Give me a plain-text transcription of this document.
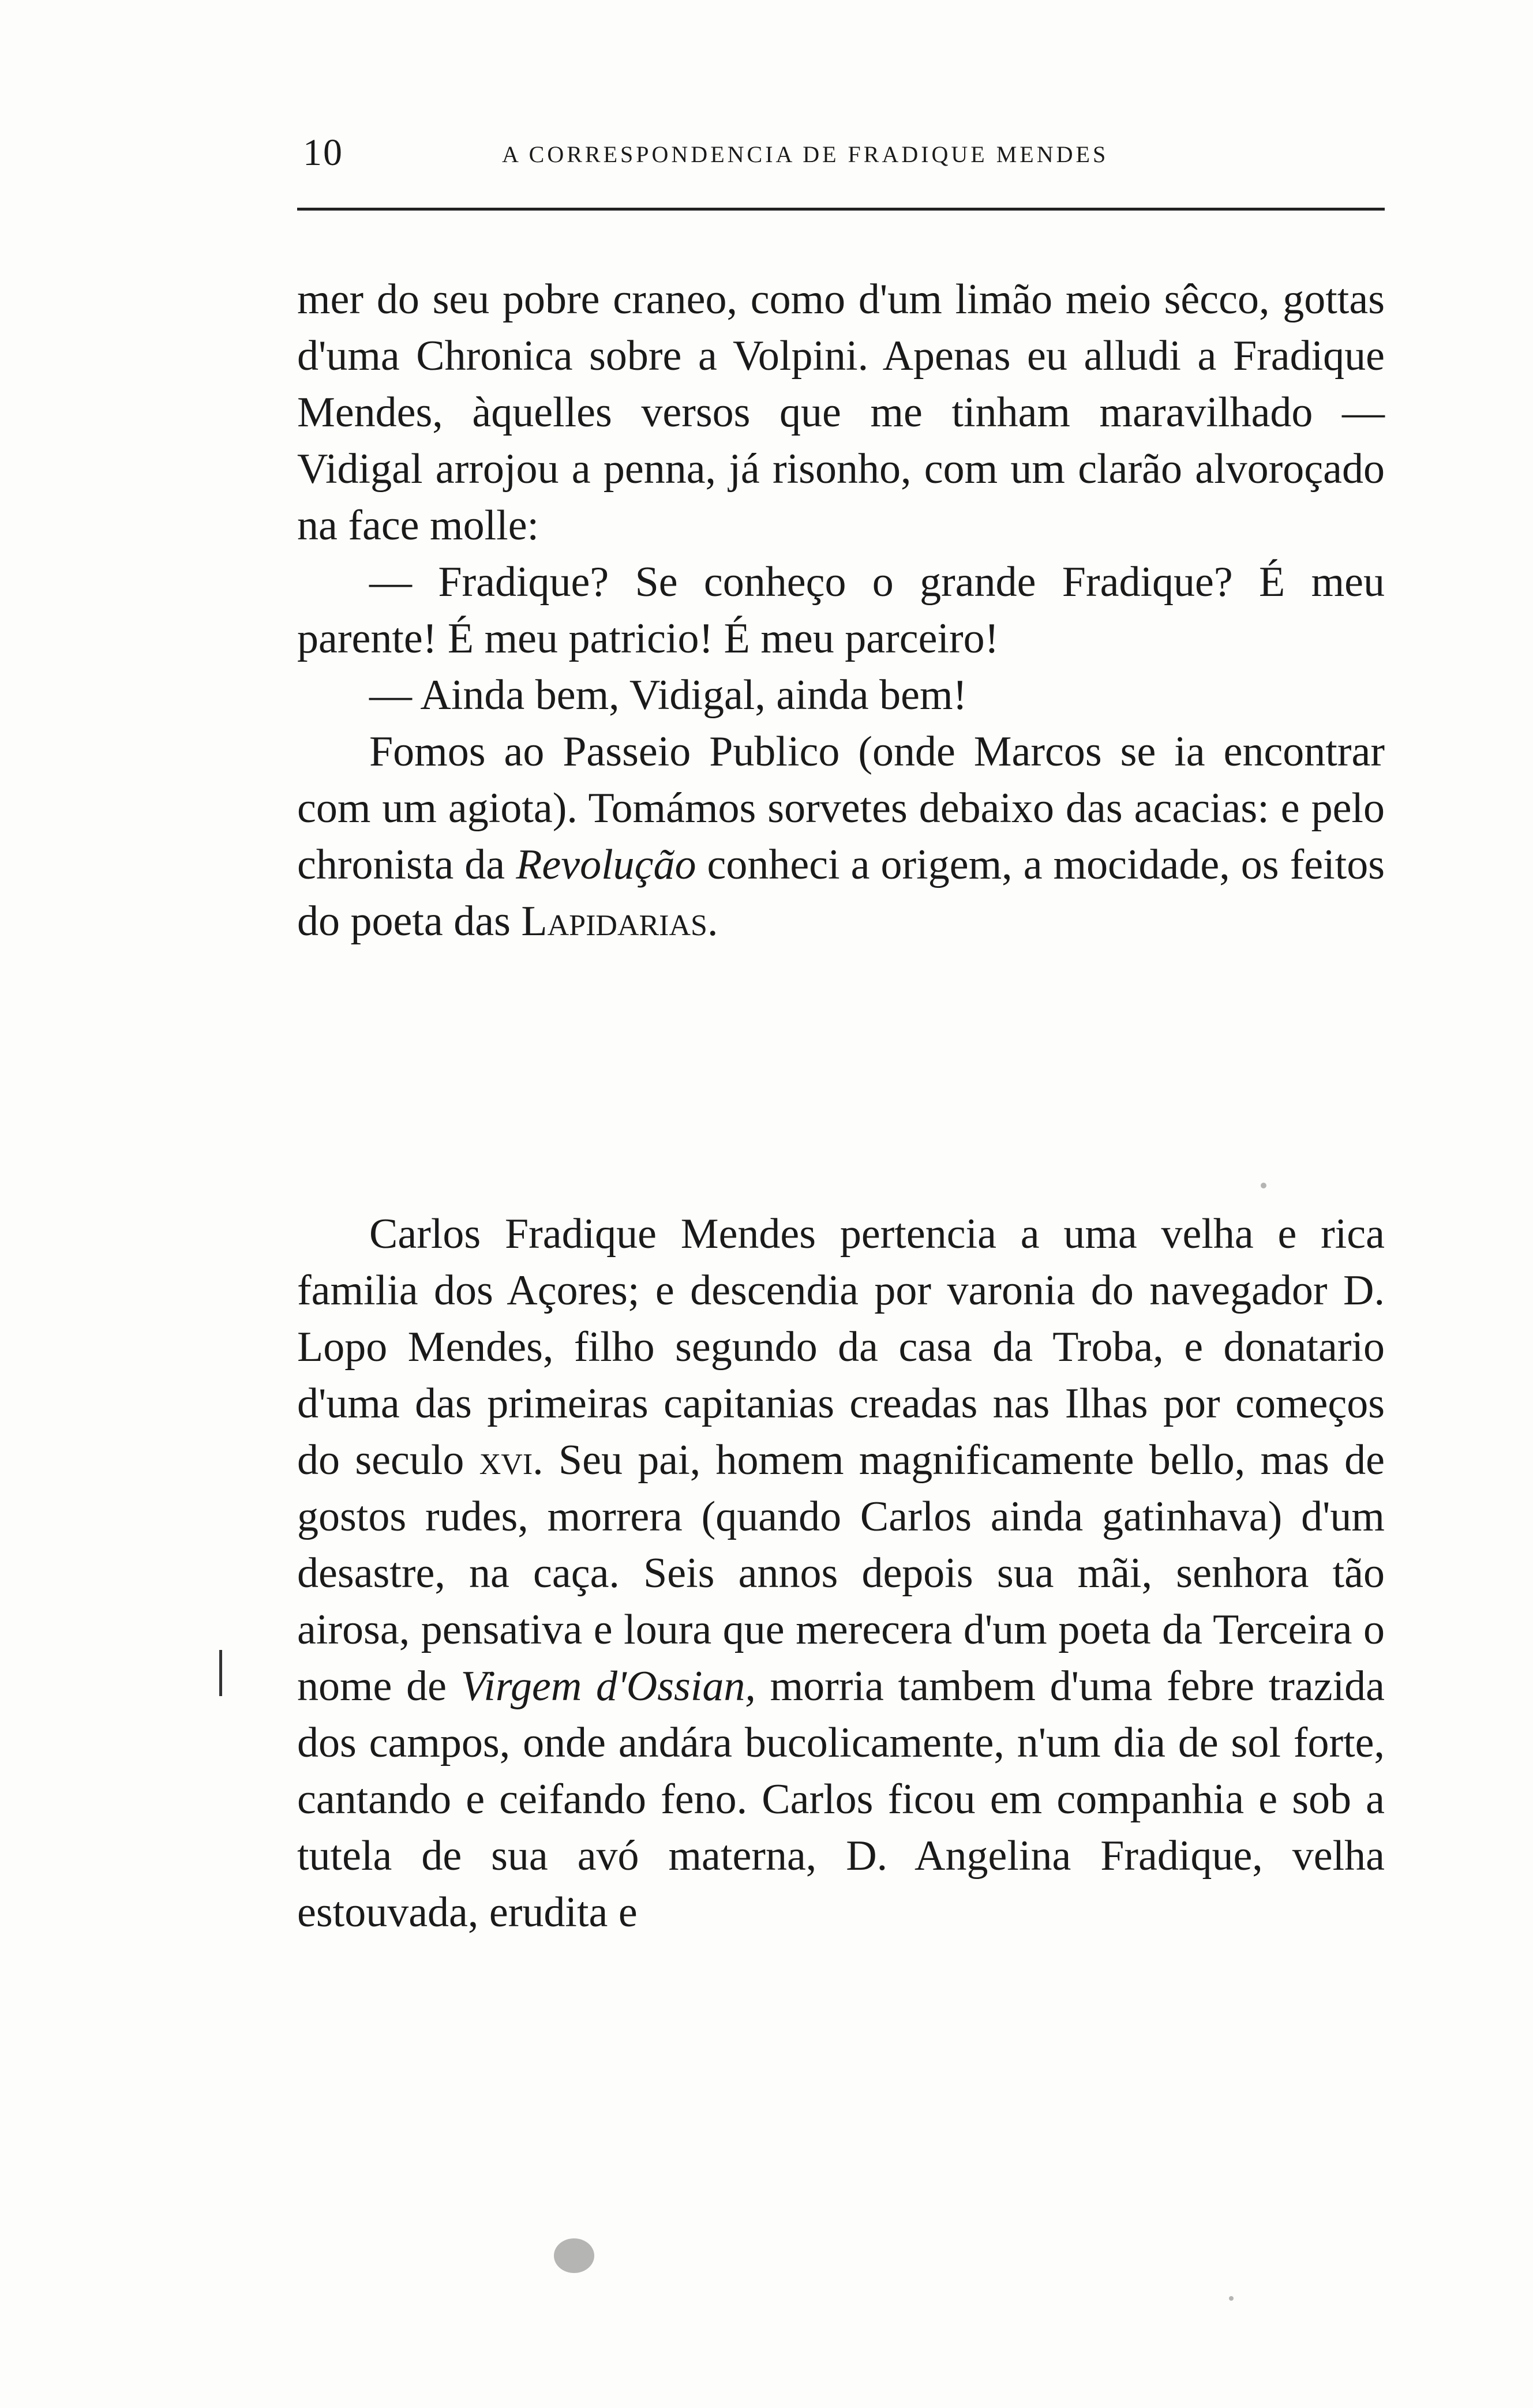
10	A CORRESPONDENCIA DE FRADIQUE MENDES

mer do seu pobre craneo, como d'um limão meio sêcco, gottas d'uma Chronica sobre a Volpini. Apenas eu alludi a Fradique Mendes, àquelles versos que me tinham maravilhado — Vidigal arrojou a penna, já risonho, com um clarão alvoroçado na face molle:

— Fradique? Se conheço o grande Fradique? É meu parente! É meu patricio! É meu parceiro!

— Ainda bem, Vidigal, ainda bem!

Fomos ao Passeio Publico (onde Marcos se ia encontrar com um agiota). Tomámos sorvetes debaixo das acacias: e pelo chronista da Revolução conheci a origem, a mocidade, os feitos do poeta das Lapidarias.

Carlos Fradique Mendes pertencia a uma velha e rica familia dos Açores; e descendia por varonia do navegador D. Lopo Mendes, filho segundo da casa da Troba, e donatario d'uma das primeiras capitanias creadas nas Ilhas por começos do seculo xvi. Seu pai, homem magnificamente bello, mas de gostos rudes, morrera (quando Carlos ainda gatinhava) d'um desastre, na caça. Seis annos depois sua mãi, senhora tão airosa, pensativa e loura que merecera d'um poeta da Terceira o nome de Virgem d'Ossian, morria tambem d'uma febre trazida dos campos, onde andára bucolicamente, n'um dia de sol forte, cantando e ceifando feno. Carlos ficou em companhia e sob a tutela de sua avó materna, D. Angelina Fradique, velha estouvada, erudita e
